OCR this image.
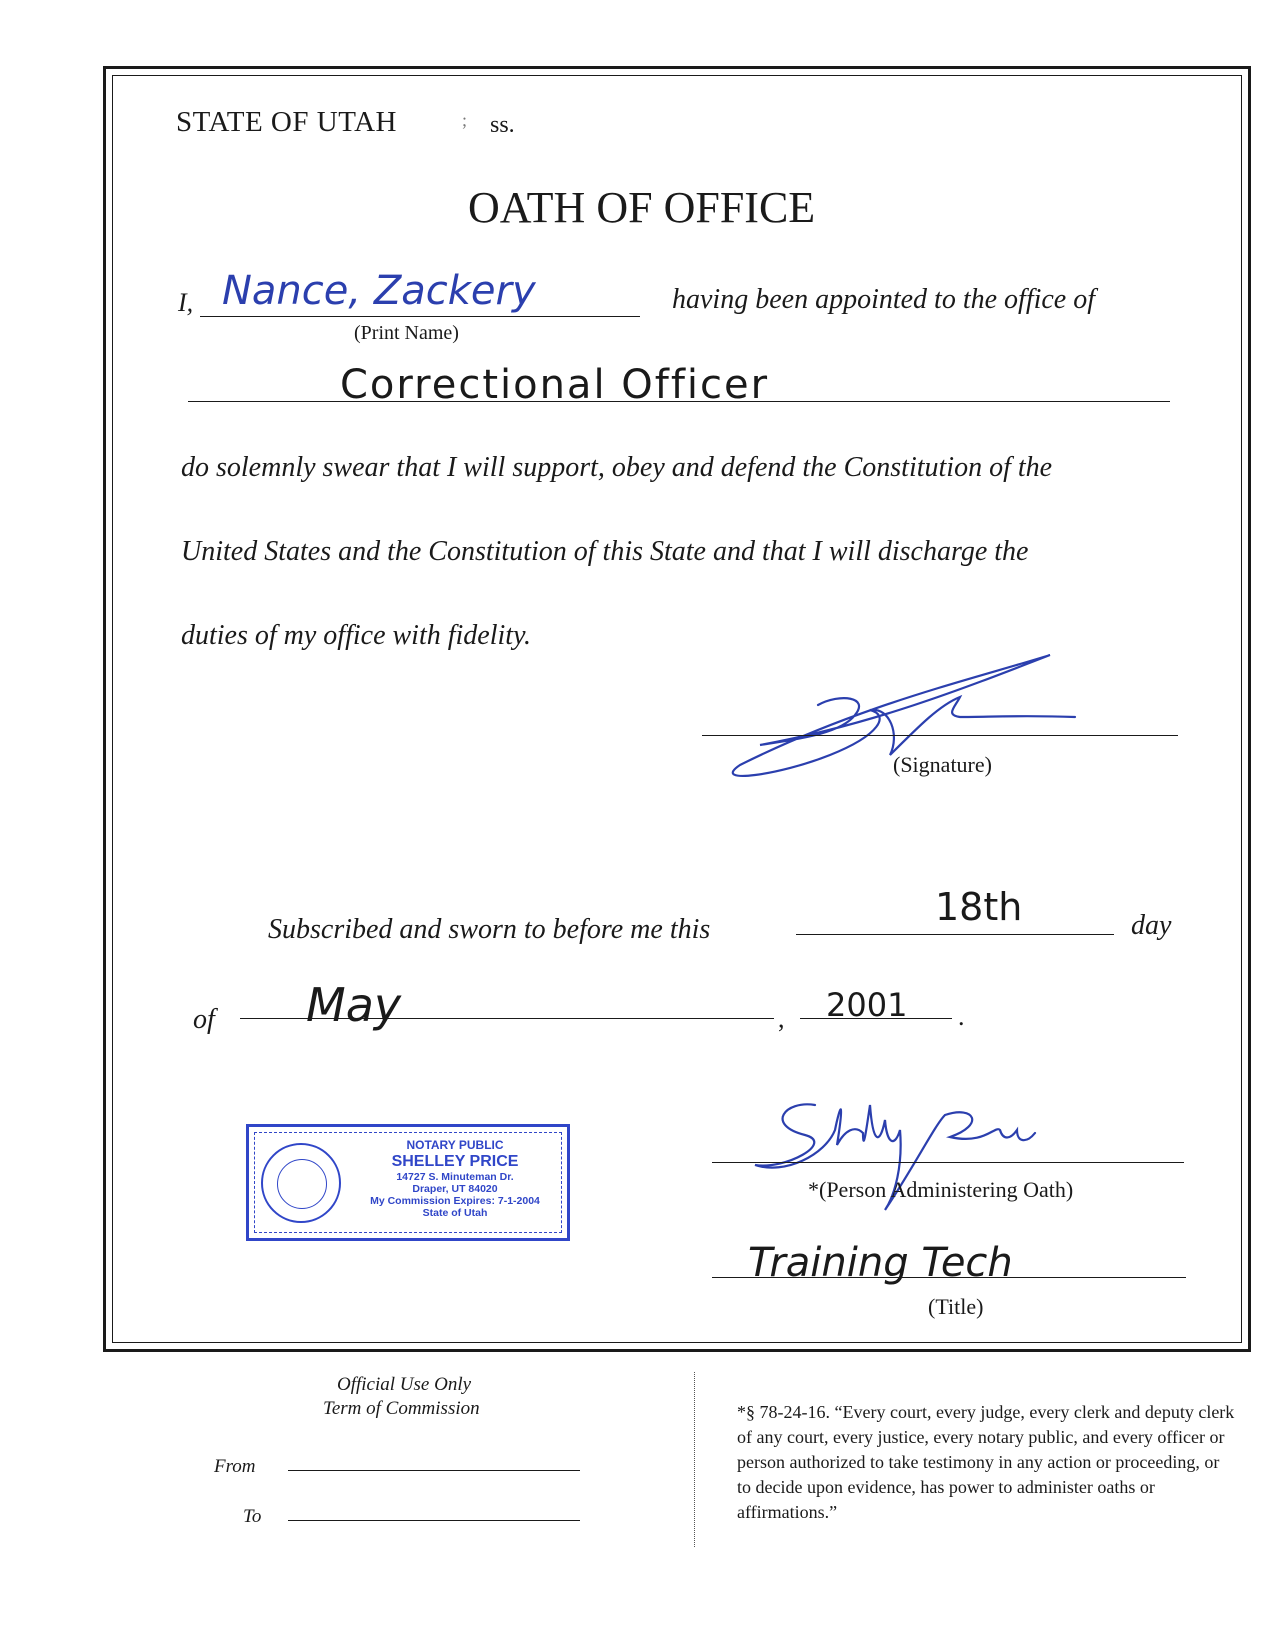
STATE OF UTAH	; ss.
OATH OF OFFICE
I, Nance, Zackery
(Print Name)
having been appointed to the office of
Correctional Officer
do solemnly swear that I will support, obey and defend the Constitution of the
United States and the Constitution of this State and that I will discharge the
duties of my office with fidelity.
(Signature)
Subscribed and sworn to before me this
18th	day
of May	, 2001 .
NOTARY PUBLIC
SHELLEY PRICE
14727 S. Minuteman Dr.
Draper, UT 84020
My Commission Expires: 7-1-2004
State of Utah
*(Person Administering Oath)
Training Tech
(Title)
Official Use Only
Term of Commission
From
To
*§ 78-24-16. “Every court, every judge, every clerk and deputy clerk of any court, every justice, every notary public, and every officer or person authorized to take testimony in any action or proceeding, or to decide upon evidence, has power to administer oaths or affirmations.”
